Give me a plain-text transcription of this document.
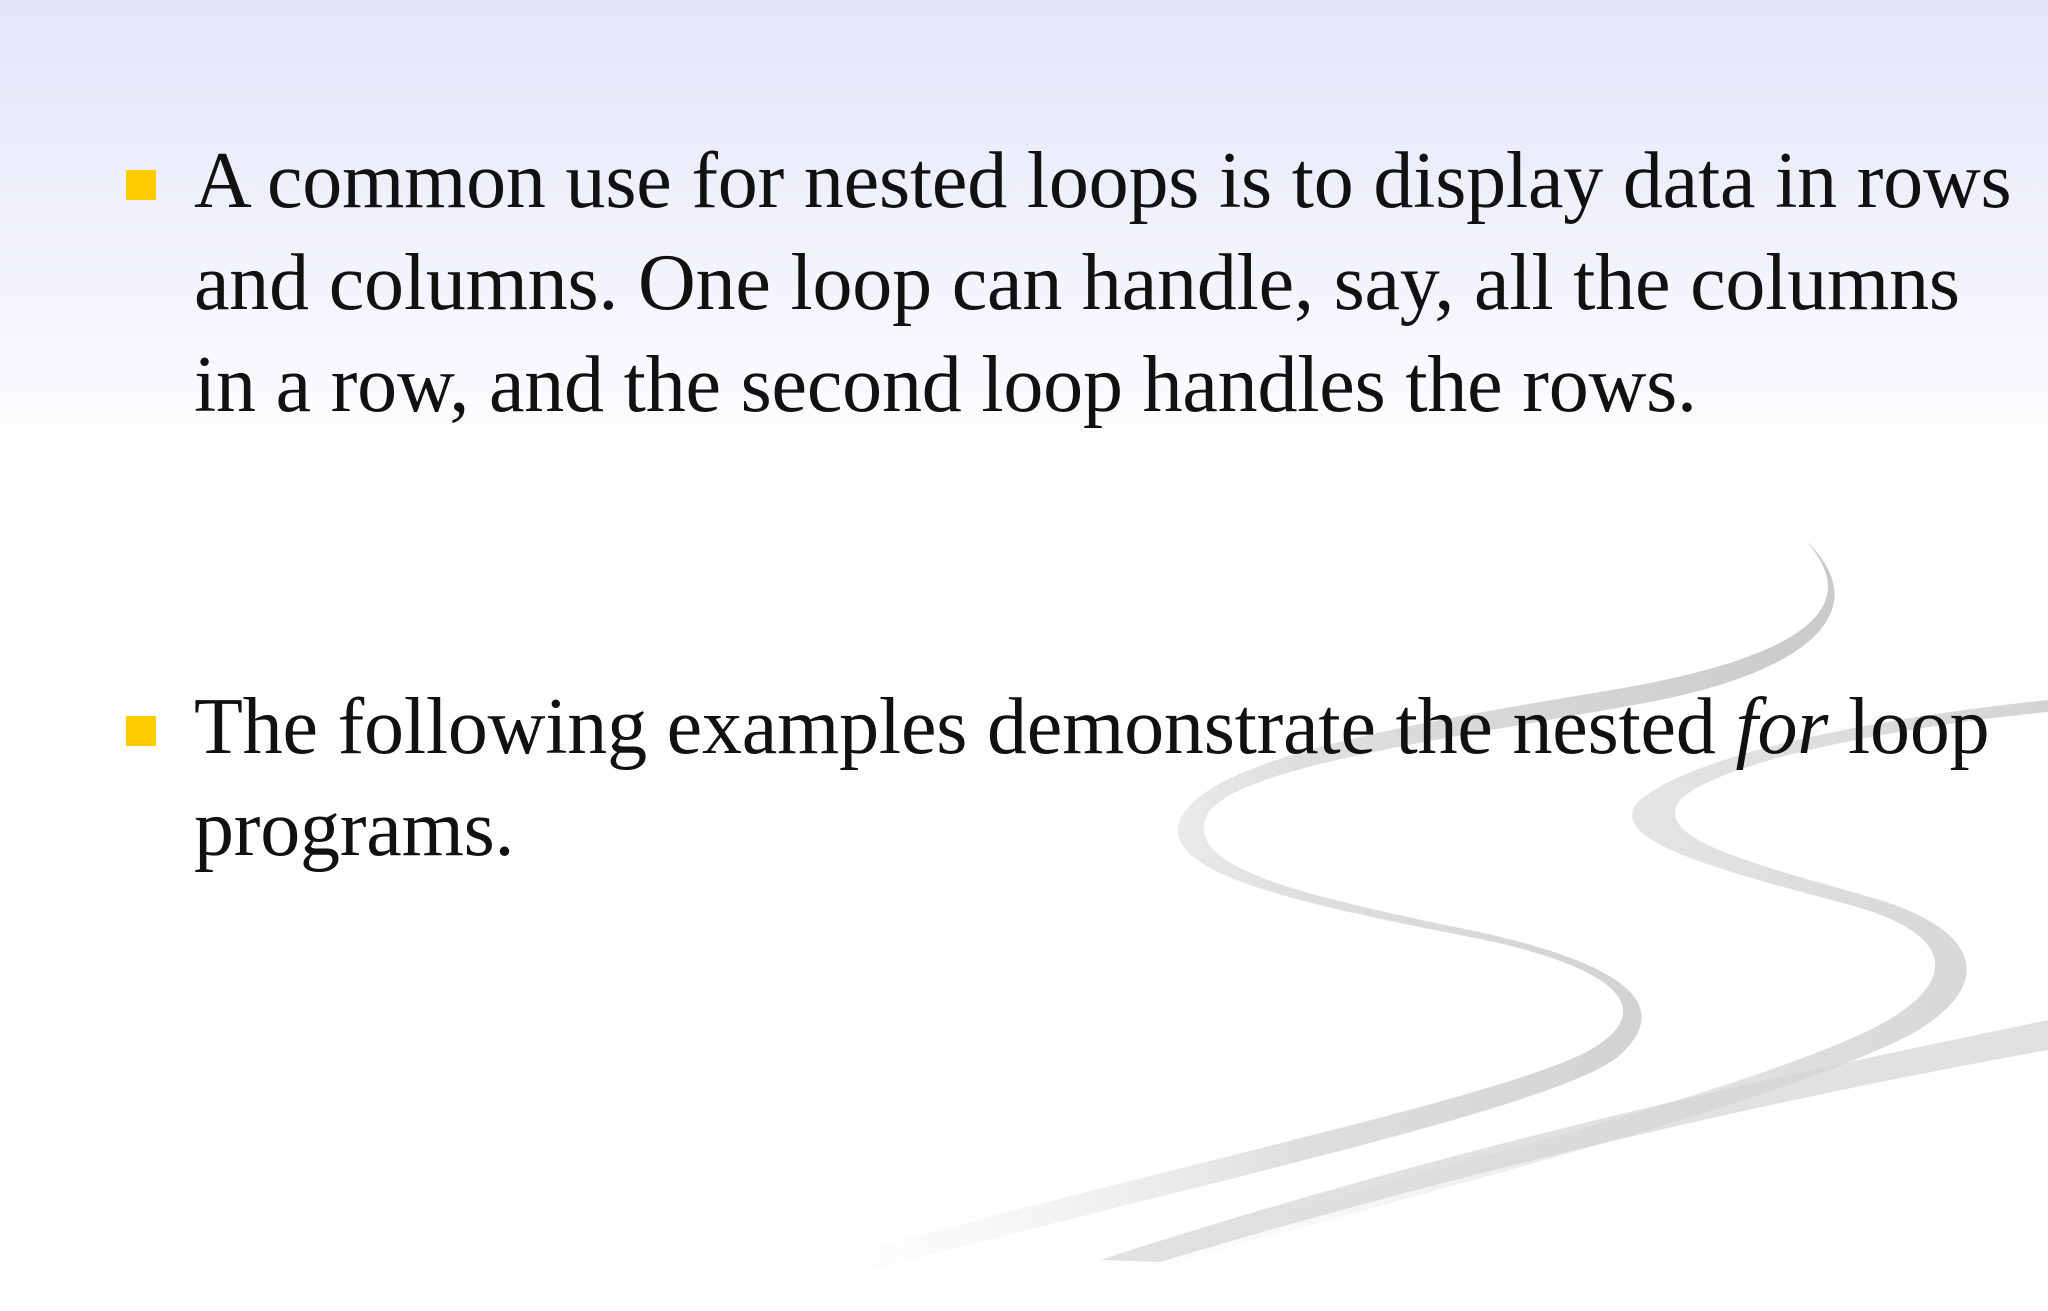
A common use for nested loops is to display data in rows and columns. One loop can handle, say, all the columns in a row, and the second loop handles the rows.

The following examples demonstrate the nested for loop programs.
